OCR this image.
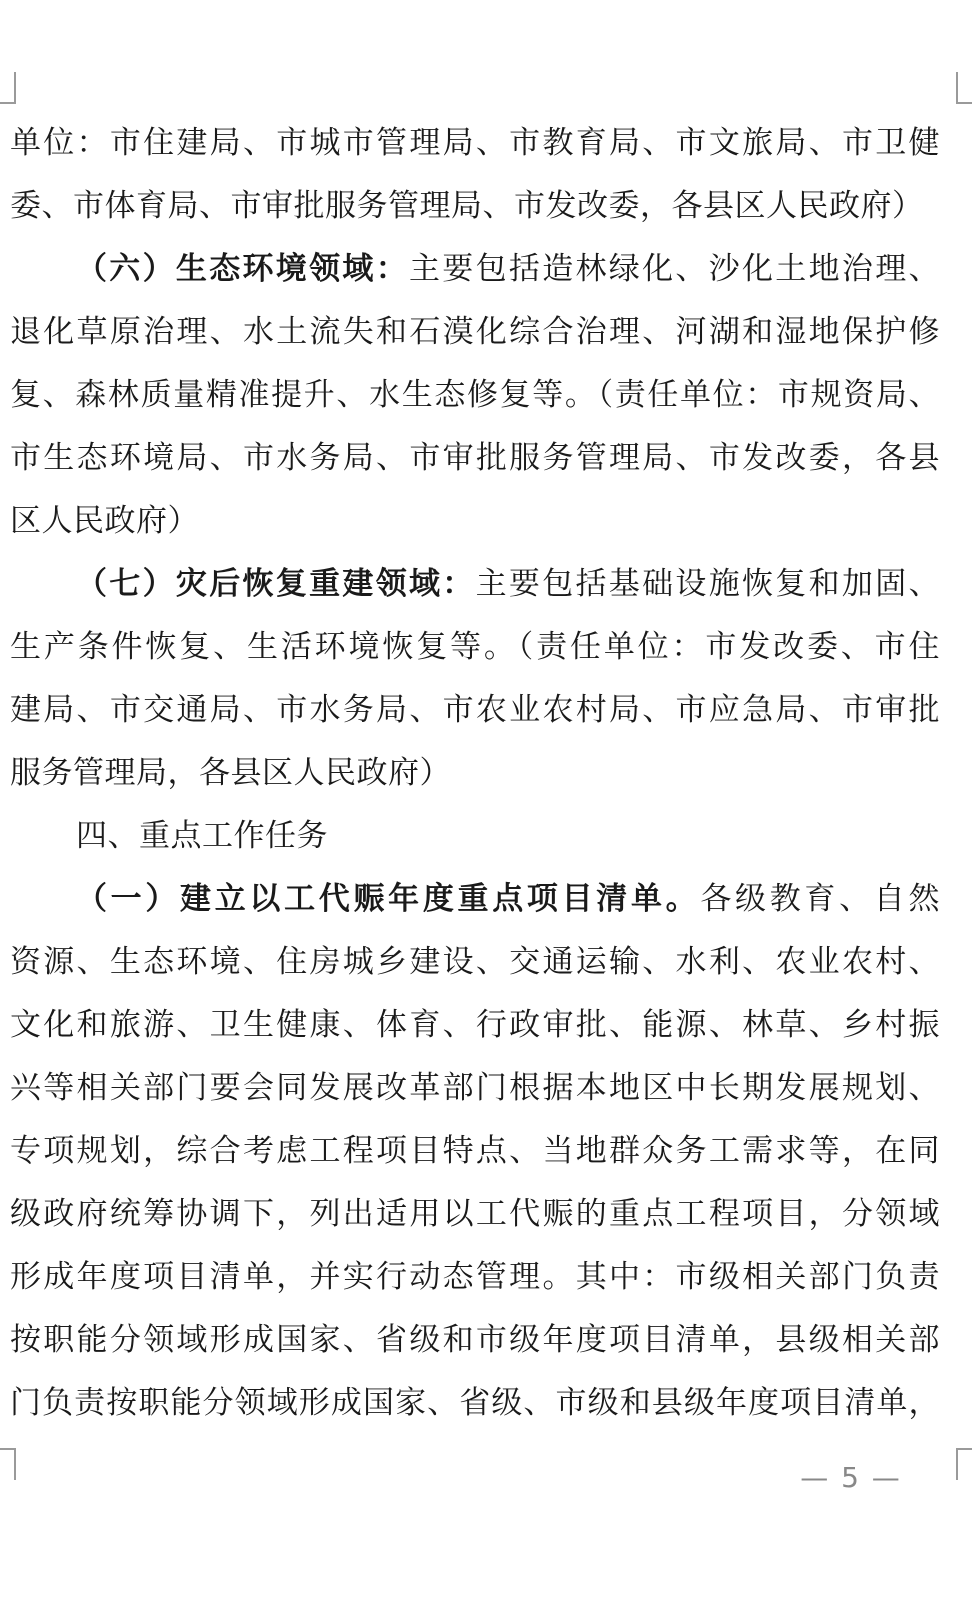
单位：市住建局、市城市管理局、市教育局、市文旅局、市卫健

委、市体育局、市审批服务管理局、市发改委，各县区人民政府）

（六）生态环境领域：主要包括造林绿化、沙化土地治理、

退化草原治理、水土流失和石漠化综合治理、河湖和湿地保护修

复、森林质量精准提升、水生态修复等。（责任单位：市规资局、

市生态环境局、市水务局、市审批服务管理局、市发改委，各县

区人民政府）

（七）灾后恢复重建领域：主要包括基础设施恢复和加固、

生产条件恢复、生活环境恢复等。（责任单位：市发改委、市住

建局、市交通局、市水务局、市农业农村局、市应急局、市审批

服务管理局，各县区人民政府）

四、重点工作任务

（一）建立以工代赈年度重点项目清单。各级教育、自然

资源、生态环境、住房城乡建设、交通运输、水利、农业农村、

文化和旅游、卫生健康、体育、行政审批、能源、林草、乡村振

兴等相关部门要会同发展改革部门根据本地区中长期发展规划、

专项规划，综合考虑工程项目特点、当地群众务工需求等，在同

级政府统筹协调下，列出适用以工代赈的重点工程项目，分领域

形成年度项目清单，并实行动态管理。其中：市级相关部门负责

按职能分领域形成国家、省级和市级年度项目清单，县级相关部

门负责按职能分领域形成国家、省级、市级和县级年度项目清单，

— 5 —
